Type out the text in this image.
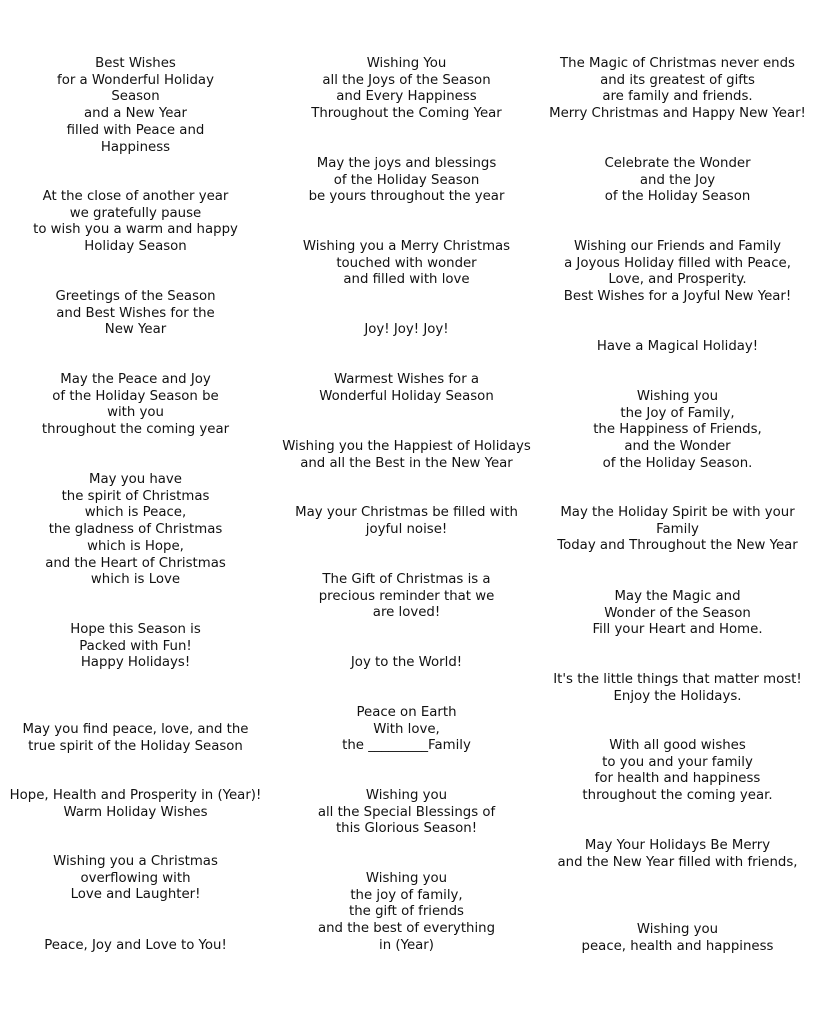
Best Wishes
for a Wonderful Holiday
Season
and a New Year
filled with Peace and
Happiness
At the close of another year
we gratefully pause
to wish you a warm and happy
Holiday Season
Greetings of the Season
and Best Wishes for the
New Year
May the Peace and Joy
of the Holiday Season be
with you
throughout the coming year
May you have
the spirit of Christmas
which is Peace,
the gladness of Christmas
which is Hope,
and the Heart of Christmas
which is Love
Hope this Season is
Packed with Fun!
Happy Holidays!
May you find peace, love, and the
true spirit of the Holiday Season
Hope, Health and Prosperity in (Year)!
Warm Holiday Wishes
Wishing you a Christmas
overflowing with
Love and Laughter!
Peace, Joy and Love to You!
Wishing You
all the Joys of the Season
and Every Happiness
Throughout the Coming Year
May the joys and blessings
of the Holiday Season
be yours throughout the year
Wishing you a Merry Christmas
touched with wonder
and filled with love
Joy! Joy! Joy!
Warmest Wishes for a
Wonderful Holiday Season
Wishing you the Happiest of Holidays
and all the Best in the New Year
May your Christmas be filled with
joyful noise!
The Gift of Christmas is a
precious reminder that we
are loved!
Joy to the World!
Peace on Earth
With love,
the _________Family
Wishing you
all the Special Blessings of
this Glorious Season!
Wishing you
the joy of family,
the gift of friends
and the best of everything
in (Year)
The Magic of Christmas never ends
and its greatest of gifts
are family and friends.
Merry Christmas and Happy New Year!
Celebrate the Wonder
and the Joy
of the Holiday Season
Wishing our Friends and Family
a Joyous Holiday filled with Peace,
Love, and Prosperity.
Best Wishes for a Joyful New Year!
Have a Magical Holiday!
Wishing you
the Joy of Family,
the Happiness of Friends,
and the Wonder
of the Holiday Season.
May the Holiday Spirit be with your
Family
Today and Throughout the New Year
May the Magic and
Wonder of the Season
Fill your Heart and Home.
It's the little things that matter most!
Enjoy the Holidays.
With all good wishes
to you and your family
for health and happiness
throughout the coming year.
May Your Holidays Be Merry
and the New Year filled with friends,
Wishing you
peace, health and happiness
